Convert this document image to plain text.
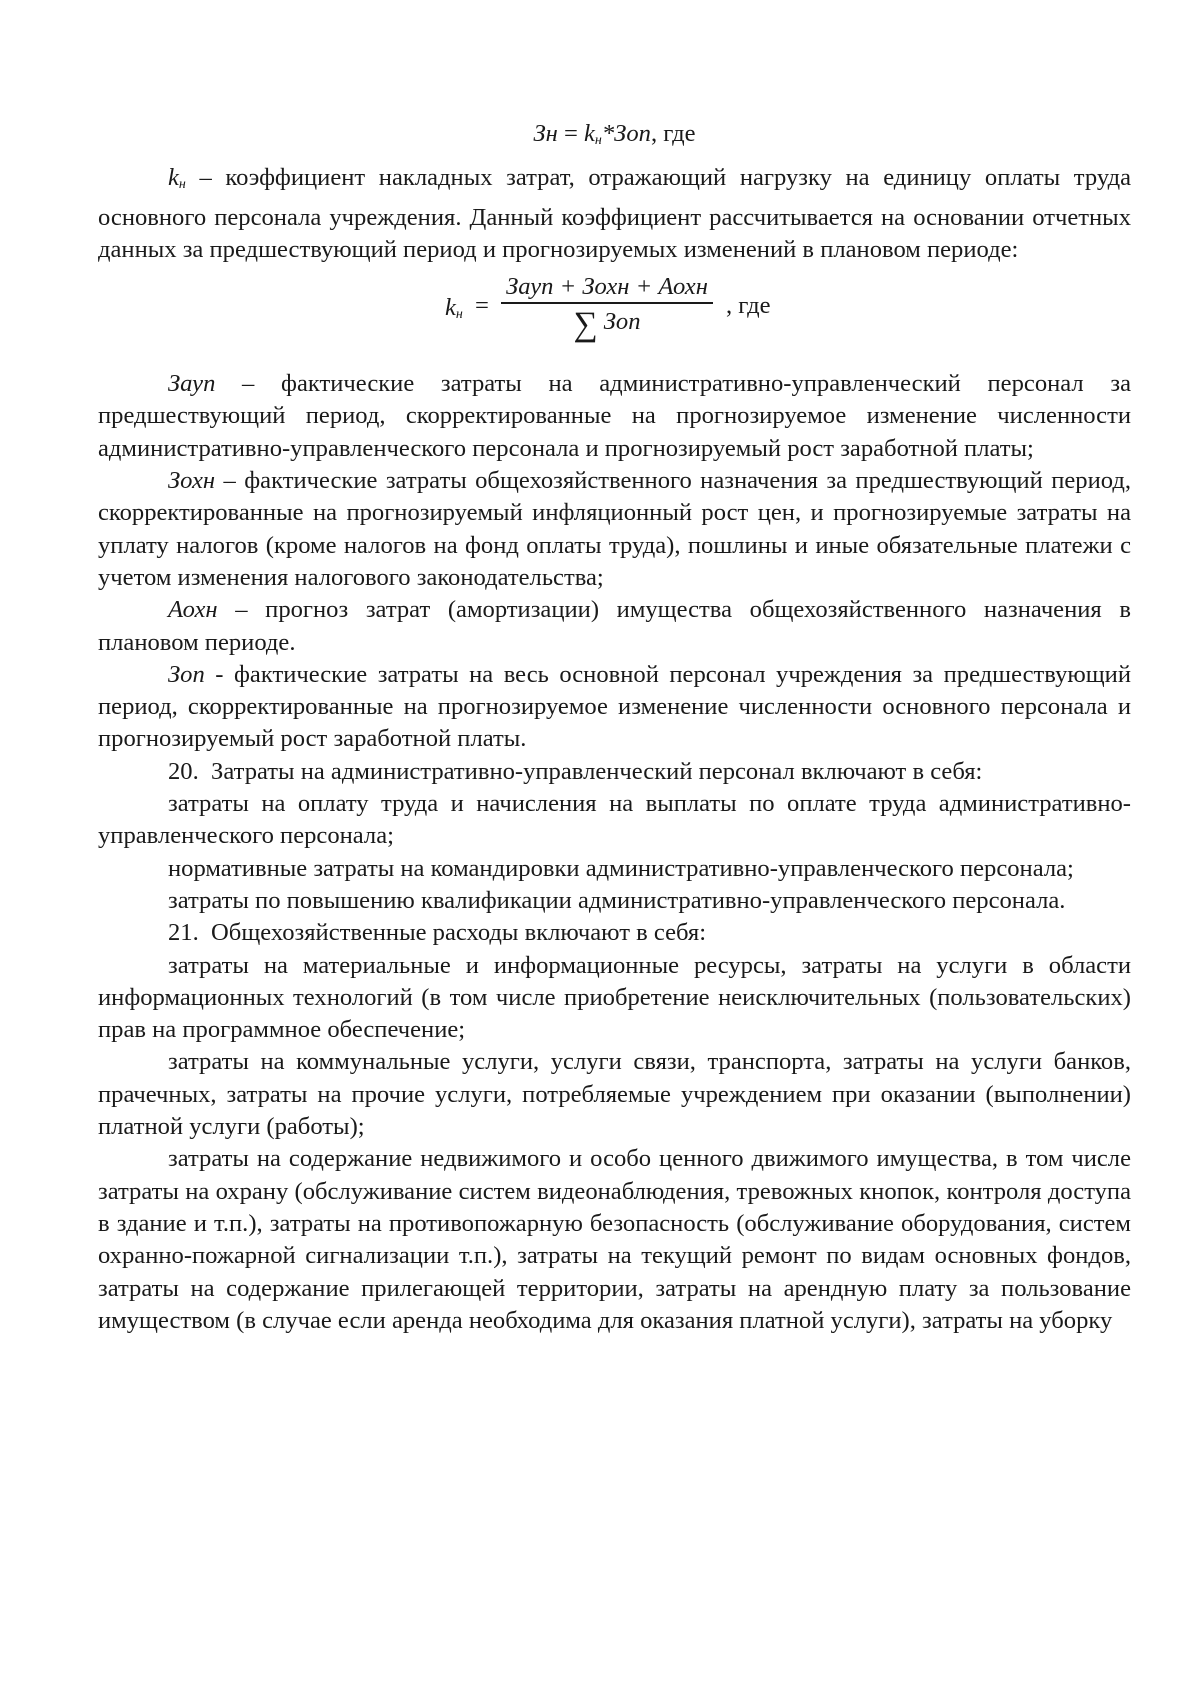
Зн = $k_н*Зоп$, где

$k_н$ – коэффициент накладных затрат, отражающий нагрузку на единицу оплаты труда основного персонала учреждения. Данный коэффициент рассчитывается на основании отчетных данных за предшествующий период и прогнозируемых изменений в плановом периоде:

$k_н$ =
Зауп + Зохн + Аохн
∑ Зоп
, где

Зауп – фактические затраты на административно-управленческий персонал за предшествующий период, скорректированные на прогнозируемое изменение численности административно-управленческого персонала и прогнозируемый рост заработной платы;

Зохн – фактические затраты общехозяйственного назначения за предшествующий период, скорректированные на прогнозируемый инфляционный рост цен, и прогнозируемые затраты на уплату налогов (кроме налогов на фонд оплаты труда), пошлины и иные обязательные платежи с учетом изменения налогового законодательства;

Аохн – прогноз затрат (амортизации) имущества общехозяйственного назначения в плановом периоде.

Зоп - фактические затраты на весь основной персонал учреждения за предшествующий период, скорректированные на прогнозируемое изменение численности основного персонала и прогнозируемый рост заработной платы.

20. Затраты на административно-управленческий персонал включают в себя:

затраты на оплату труда и начисления на выплаты по оплате труда административно-управленческого персонала;

нормативные затраты на командировки административно-управленческого персонала;

затраты по повышению квалификации административно-управленческого персонала.

21. Общехозяйственные расходы включают в себя:

затраты на материальные и информационные ресурсы, затраты на услуги в области информационных технологий (в том числе приобретение неисключительных (пользовательских) прав на программное обеспечение;

затраты на коммунальные услуги, услуги связи, транспорта, затраты на услуги банков, прачечных, затраты на прочие услуги, потребляемые учреждением при оказании (выполнении) платной услуги (работы);

затраты на содержание недвижимого и особо ценного движимого имущества, в том числе затраты на охрану (обслуживание систем видеонаблюдения, тревожных кнопок, контроля доступа в здание и т.п.), затраты на противопожарную безопасность (обслуживание оборудования, систем охранно-пожарной сигнализации т.п.), затраты на текущий ремонт по видам основных фондов, затраты на содержание прилегающей территории, затраты на арендную плату за пользование имуществом (в случае если аренда необходима для оказания платной услуги), затраты на уборку
